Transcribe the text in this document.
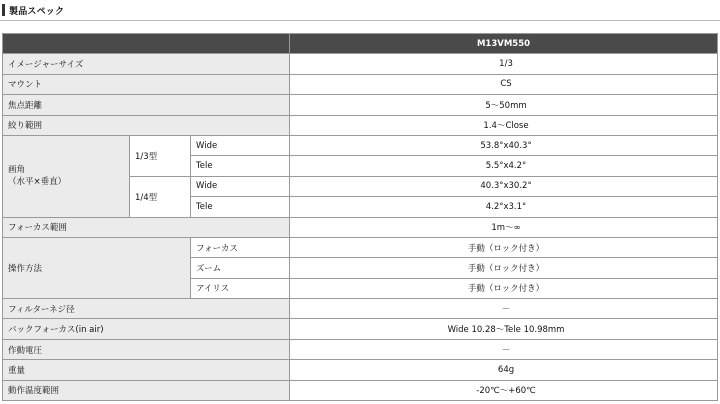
製品スペック
			M13VM550
イメージャーサイズ			1/3
マウント			CS
焦点距離			5～50mm
絞り範囲			1.4～Close

画角
（水平×垂直）	1/3型	Wide	53.8°x40.3°
		Tele	5.5°x4.2°
	1/4型	Wide	40.3°x30.2°
		Tele	4.2°x3.1°
フォーカス範囲			1m～∞
操作方法		フォーカス	手動（ロック付き）
		ズーム	手動（ロック付き）
		アイリス	手動（ロック付き）
フィルターネジ径			－
バックフォーカス(in air)			Wide 10.28～Tele 10.98mm
作動電圧			－
重量			64g
動作温度範囲			-20℃～+60℃
